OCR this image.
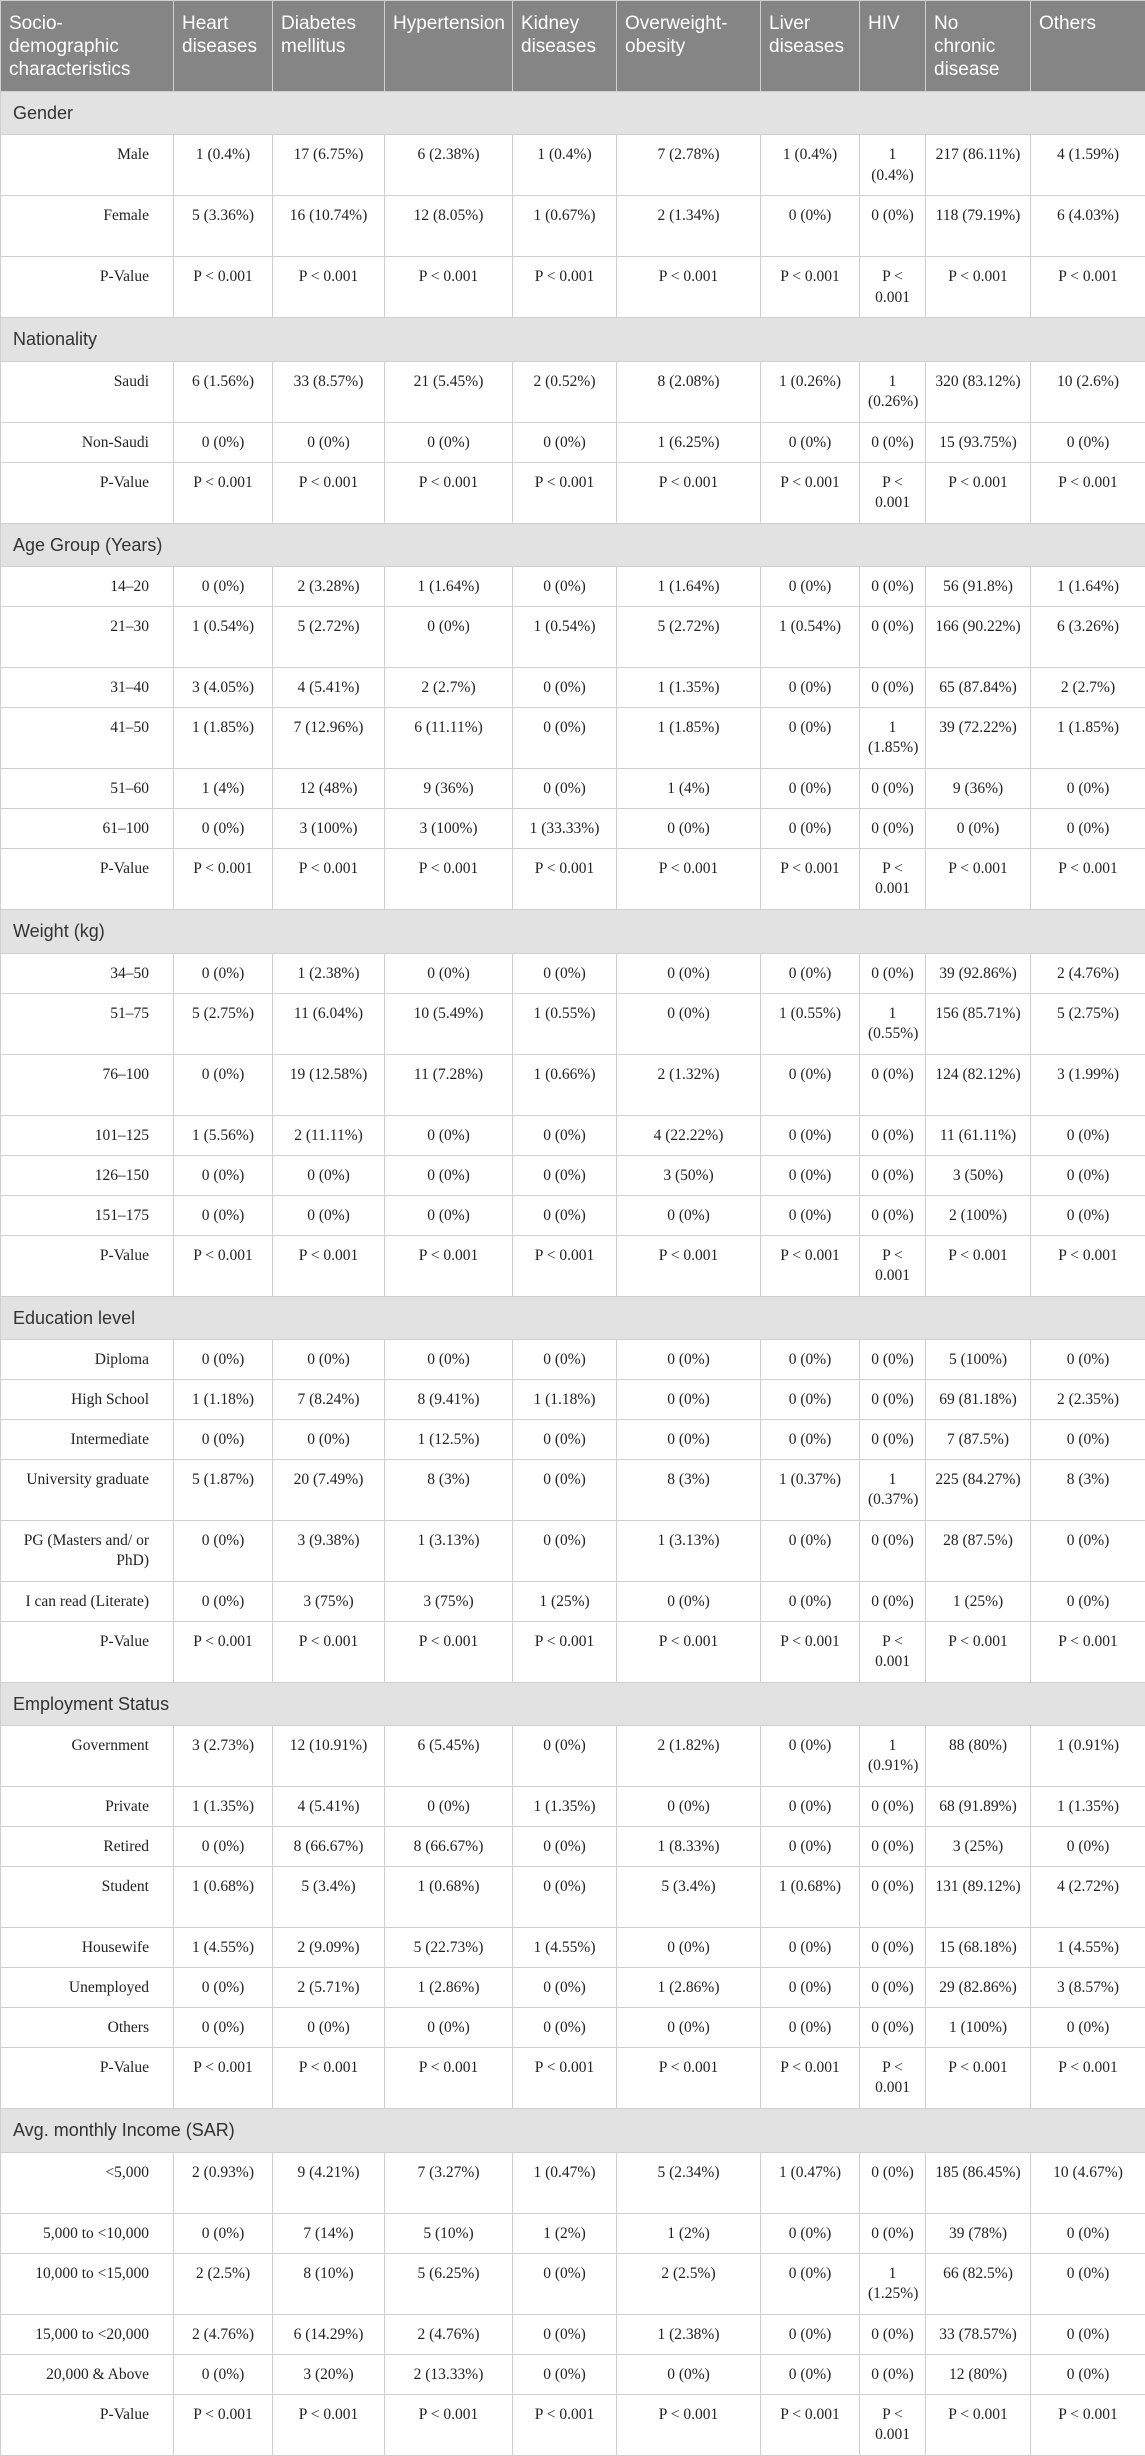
Socio-demographic characteristics	Heart diseases	Diabetes mellitus	Hypertension	Kidney diseases	Overweight-obesity	Liver diseases	HIV	No chronic disease	Others
Gender									
Male	1 (0.4%)	17 (6.75%)	6 (2.38%)	1 (0.4%)	7 (2.78%)	1 (0.4%)	1 (0.4%)	217 (86.11%)	4 (1.59%)
Female	5 (3.36%)	16 (10.74%)	12 (8.05%)	1 (0.67%)	2 (1.34%)	0 (0%)	0 (0%)	118 (79.19%)	6 (4.03%)
P-Value	P < 0.001	P < 0.001	P < 0.001	P < 0.001	P < 0.001	P < 0.001	P < 0.001	P < 0.001	P < 0.001
Nationality									
Saudi	6 (1.56%)	33 (8.57%)	21 (5.45%)	2 (0.52%)	8 (2.08%)	1 (0.26%)	1 (0.26%)	320 (83.12%)	10 (2.6%)
Non-Saudi	0 (0%)	0 (0%)	0 (0%)	0 (0%)	1 (6.25%)	0 (0%)	0 (0%)	15 (93.75%)	0 (0%)
P-Value	P < 0.001	P < 0.001	P < 0.001	P < 0.001	P < 0.001	P < 0.001	P < 0.001	P < 0.001	P < 0.001
Age Group (Years)									
14–20	0 (0%)	2 (3.28%)	1 (1.64%)	0 (0%)	1 (1.64%)	0 (0%)	0 (0%)	56 (91.8%)	1 (1.64%)
21–30	1 (0.54%)	5 (2.72%)	0 (0%)	1 (0.54%)	5 (2.72%)	1 (0.54%)	0 (0%)	166 (90.22%)	6 (3.26%)
31–40	3 (4.05%)	4 (5.41%)	2 (2.7%)	0 (0%)	1 (1.35%)	0 (0%)	0 (0%)	65 (87.84%)	2 (2.7%)
41–50	1 (1.85%)	7 (12.96%)	6 (11.11%)	0 (0%)	1 (1.85%)	0 (0%)	1 (1.85%)	39 (72.22%)	1 (1.85%)
51–60	1 (4%)	12 (48%)	9 (36%)	0 (0%)	1 (4%)	0 (0%)	0 (0%)	9 (36%)	0 (0%)
61–100	0 (0%)	3 (100%)	3 (100%)	1 (33.33%)	0 (0%)	0 (0%)	0 (0%)	0 (0%)	0 (0%)
P-Value	P < 0.001	P < 0.001	P < 0.001	P < 0.001	P < 0.001	P < 0.001	P < 0.001	P < 0.001	P < 0.001
Weight (kg)									
34–50	0 (0%)	1 (2.38%)	0 (0%)	0 (0%)	0 (0%)	0 (0%)	0 (0%)	39 (92.86%)	2 (4.76%)
51–75	5 (2.75%)	11 (6.04%)	10 (5.49%)	1 (0.55%)	0 (0%)	1 (0.55%)	1 (0.55%)	156 (85.71%)	5 (2.75%)
76–100	0 (0%)	19 (12.58%)	11 (7.28%)	1 (0.66%)	2 (1.32%)	0 (0%)	0 (0%)	124 (82.12%)	3 (1.99%)
101–125	1 (5.56%)	2 (11.11%)	0 (0%)	0 (0%)	4 (22.22%)	0 (0%)	0 (0%)	11 (61.11%)	0 (0%)
126–150	0 (0%)	0 (0%)	0 (0%)	0 (0%)	3 (50%)	0 (0%)	0 (0%)	3 (50%)	0 (0%)
151–175	0 (0%)	0 (0%)	0 (0%)	0 (0%)	0 (0%)	0 (0%)	0 (0%)	2 (100%)	0 (0%)
P-Value	P < 0.001	P < 0.001	P < 0.001	P < 0.001	P < 0.001	P < 0.001	P < 0.001	P < 0.001	P < 0.001
Education level									
Diploma	0 (0%)	0 (0%)	0 (0%)	0 (0%)	0 (0%)	0 (0%)	0 (0%)	5 (100%)	0 (0%)
High School	1 (1.18%)	7 (8.24%)	8 (9.41%)	1 (1.18%)	0 (0%)	0 (0%)	0 (0%)	69 (81.18%)	2 (2.35%)
Intermediate	0 (0%)	0 (0%)	1 (12.5%)	0 (0%)	0 (0%)	0 (0%)	0 (0%)	7 (87.5%)	0 (0%)
University graduate	5 (1.87%)	20 (7.49%)	8 (3%)	0 (0%)	8 (3%)	1 (0.37%)	1 (0.37%)	225 (84.27%)	8 (3%)
PG (Masters and/ or PhD)	0 (0%)	3 (9.38%)	1 (3.13%)	0 (0%)	1 (3.13%)	0 (0%)	0 (0%)	28 (87.5%)	0 (0%)
I can read (Literate)	0 (0%)	3 (75%)	3 (75%)	1 (25%)	0 (0%)	0 (0%)	0 (0%)	1 (25%)	0 (0%)
P-Value	P < 0.001	P < 0.001	P < 0.001	P < 0.001	P < 0.001	P < 0.001	P < 0.001	P < 0.001	P < 0.001
Employment Status									
Government	3 (2.73%)	12 (10.91%)	6 (5.45%)	0 (0%)	2 (1.82%)	0 (0%)	1 (0.91%)	88 (80%)	1 (0.91%)
Private	1 (1.35%)	4 (5.41%)	0 (0%)	1 (1.35%)	0 (0%)	0 (0%)	0 (0%)	68 (91.89%)	1 (1.35%)
Retired	0 (0%)	8 (66.67%)	8 (66.67%)	0 (0%)	1 (8.33%)	0 (0%)	0 (0%)	3 (25%)	0 (0%)
Student	1 (0.68%)	5 (3.4%)	1 (0.68%)	0 (0%)	5 (3.4%)	1 (0.68%)	0 (0%)	131 (89.12%)	4 (2.72%)
Housewife	1 (4.55%)	2 (9.09%)	5 (22.73%)	1 (4.55%)	0 (0%)	0 (0%)	0 (0%)	15 (68.18%)	1 (4.55%)
Unemployed	0 (0%)	2 (5.71%)	1 (2.86%)	0 (0%)	1 (2.86%)	0 (0%)	0 (0%)	29 (82.86%)	3 (8.57%)
Others	0 (0%)	0 (0%)	0 (0%)	0 (0%)	0 (0%)	0 (0%)	0 (0%)	1 (100%)	0 (0%)
P-Value	P < 0.001	P < 0.001	P < 0.001	P < 0.001	P < 0.001	P < 0.001	P < 0.001	P < 0.001	P < 0.001
Avg. monthly Income (SAR)									
<5,000	2 (0.93%)	9 (4.21%)	7 (3.27%)	1 (0.47%)	5 (2.34%)	1 (0.47%)	0 (0%)	185 (86.45%)	10 (4.67%)
5,000 to <10,000	0 (0%)	7 (14%)	5 (10%)	1 (2%)	1 (2%)	0 (0%)	0 (0%)	39 (78%)	0 (0%)
10,000 to <15,000	2 (2.5%)	8 (10%)	5 (6.25%)	0 (0%)	2 (2.5%)	0 (0%)	1 (1.25%)	66 (82.5%)	0 (0%)
15,000 to <20,000	2 (4.76%)	6 (14.29%)	2 (4.76%)	0 (0%)	1 (2.38%)	0 (0%)	0 (0%)	33 (78.57%)	0 (0%)
20,000 & Above	0 (0%)	3 (20%)	2 (13.33%)	0 (0%)	0 (0%)	0 (0%)	0 (0%)	12 (80%)	0 (0%)
P-Value	P < 0.001	P < 0.001	P < 0.001	P < 0.001	P < 0.001	P < 0.001	P < 0.001	P < 0.001	P < 0.001
